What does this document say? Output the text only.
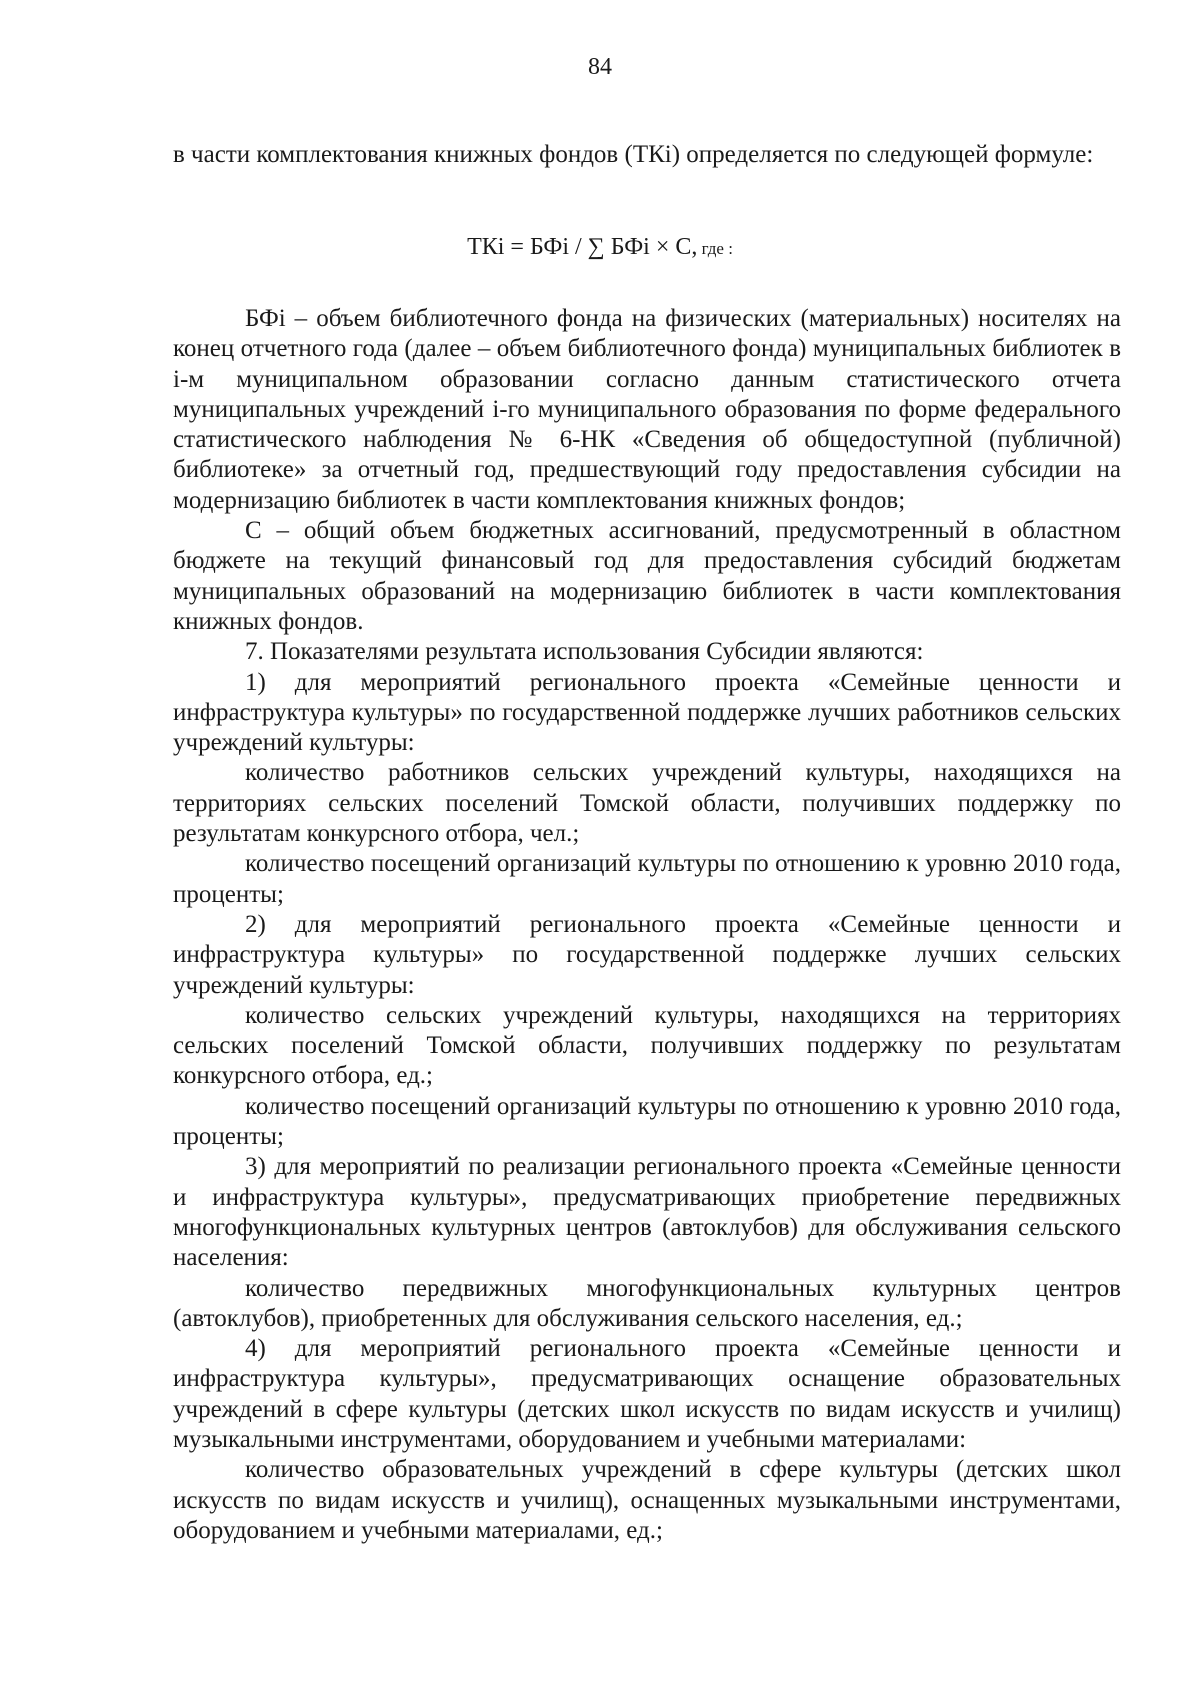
84
в части комплектования книжных фондов (ТКi) определяется по следующей формуле:
ТКi = БФi / ∑ БФi × С, где :

БФi – объем библиотечного фонда на физических (материальных) носителях на конец отчетного года (далее – объем библиотечного фонда) муниципальных библиотек в i-м муниципальном образовании согласно данным статистического отчета муниципальных учреждений i-го муниципального образования по форме федерального статистического наблюдения № 6-НК «Сведения об общедоступной (публичной) библиотеке» за отчетный год, предшествующий году предоставления субсидии на модернизацию библиотек в части комплектования книжных фондов;

С – общий объем бюджетных ассигнований, предусмотренный в областном бюджете на текущий финансовый год для предоставления субсидий бюджетам муниципальных образований на модернизацию библиотек в части комплектования книжных фондов.

7. Показателями результата использования Субсидии являются:

1) для мероприятий регионального проекта «Семейные ценности и инфраструктура культуры» по государственной поддержке лучших работников сельских учреждений культуры:

количество работников сельских учреждений культуры, находящихся на территориях сельских поселений Томской области, получивших поддержку по результатам конкурсного отбора, чел.;

количество посещений организаций культуры по отношению к уровню 2010 года, проценты;

2) для мероприятий регионального проекта «Семейные ценности и инфраструктура культуры» по государственной поддержке лучших сельских учреждений культуры:

количество сельских учреждений культуры, находящихся на территориях сельских поселений Томской области, получивших поддержку по результатам конкурсного отбора, ед.;

количество посещений организаций культуры по отношению к уровню 2010 года, проценты;

3) для мероприятий по реализации регионального проекта «Семейные ценности и инфраструктура культуры», предусматривающих приобретение передвижных многофункциональных культурных центров (автоклубов) для обслуживания сельского населения:

количество передвижных многофункциональных культурных центров (автоклубов), приобретенных для обслуживания сельского населения, ед.;

4) для мероприятий регионального проекта «Семейные ценности и инфраструктура культуры», предусматривающих оснащение образовательных учреждений в сфере культуры (детских школ искусств по видам искусств и училищ) музыкальными инструментами, оборудованием и учебными материалами:

количество образовательных учреждений в сфере культуры (детских школ искусств по видам искусств и училищ), оснащенных музыкальными инструментами, оборудованием и учебными материалами, ед.;
